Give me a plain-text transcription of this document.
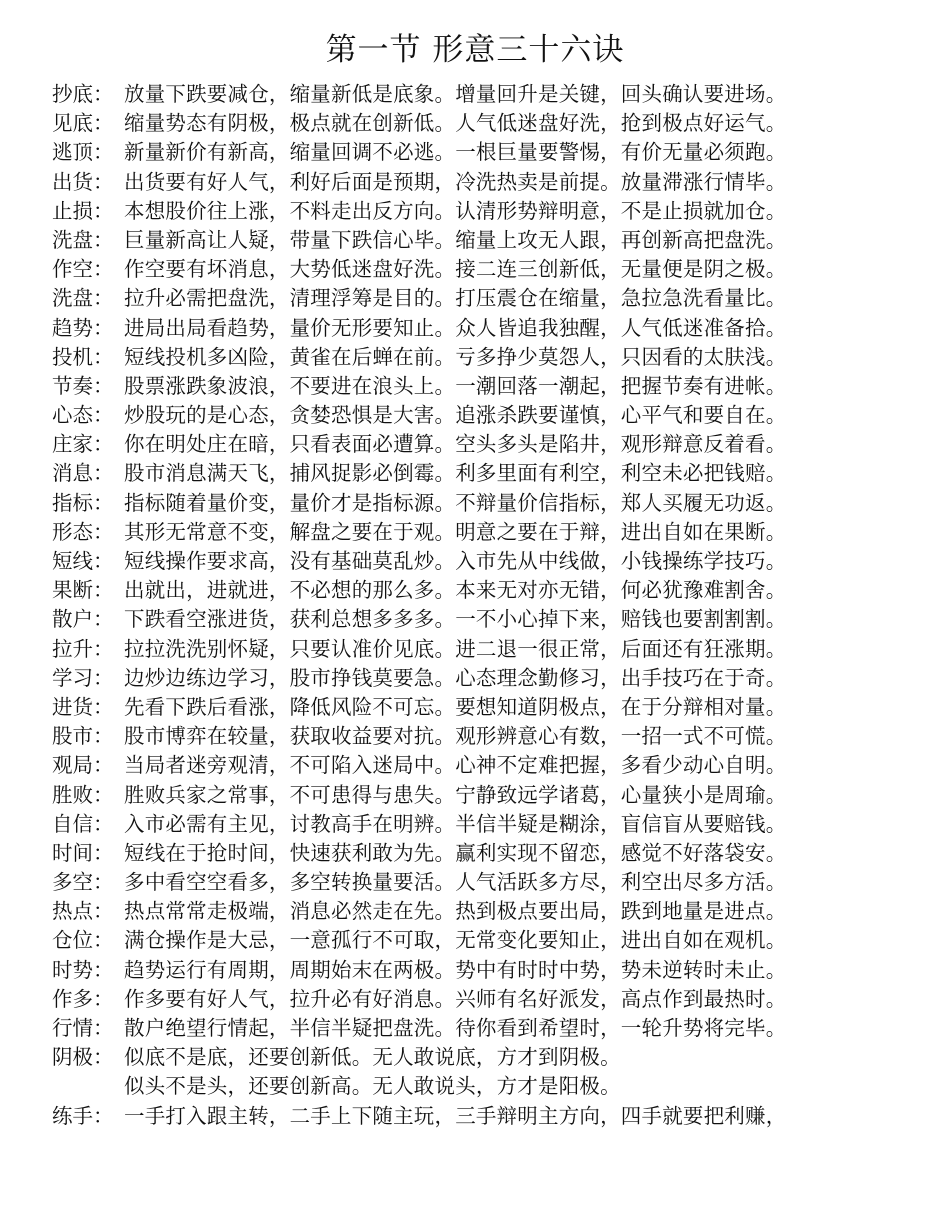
第一节 形意三十六诀
抄底： 放量下跌要减仓，缩量新低是底象。增量回升是关键，回头确认要进场。
见底： 缩量势态有阴极，极点就在创新低。人气低迷盘好洗，抢到极点好运气。
逃顶： 新量新价有新高，缩量回调不必逃。一根巨量要警惕，有价无量必须跑。
出货： 出货要有好人气，利好后面是预期，冷洗热卖是前提。放量滞涨行情毕。
止损： 本想股价往上涨，不料走出反方向。认清形势辩明意，不是止损就加仓。
洗盘： 巨量新高让人疑，带量下跌信心毕。缩量上攻无人跟，再创新高把盘洗。
作空： 作空要有坏消息，大势低迷盘好洗。接二连三创新低，无量便是阴之极。
洗盘： 拉升必需把盘洗，清理浮筹是目的。打压震仓在缩量，急拉急洗看量比。
趋势： 进局出局看趋势，量价无形要知止。众人皆追我独醒，人气低迷准备拾。
投机： 短线投机多凶险，黄雀在后蝉在前。亏多挣少莫怨人，只因看的太肤浅。
节奏： 股票涨跌象波浪，不要进在浪头上。一潮回落一潮起，把握节奏有进帐。
心态： 炒股玩的是心态，贪婪恐惧是大害。追涨杀跌要谨慎，心平气和要自在。
庄家： 你在明处庄在暗，只看表面必遭算。空头多头是陷井，观形辩意反着看。
消息： 股市消息满天飞，捕风捉影必倒霉。利多里面有利空，利空未必把钱赔。
指标： 指标随着量价变，量价才是指标源。不辩量价信指标，郑人买履无功返。
形态： 其形无常意不变，解盘之要在于观。明意之要在于辩，进出自如在果断。
短线： 短线操作要求高，没有基础莫乱炒。入市先从中线做，小钱操练学技巧。
果断： 出就出，进就进，不必想的那么多。本来无对亦无错，何必犹豫难割舍。
散户： 下跌看空涨进货，获利总想多多多。一不小心掉下来，赔钱也要割割割。
拉升： 拉拉洗洗别怀疑，只要认准价见底。进二退一很正常，后面还有狂涨期。
学习： 边炒边练边学习，股市挣钱莫要急。心态理念勤修习，出手技巧在于奇。
进货： 先看下跌后看涨，降低风险不可忘。要想知道阴极点，在于分辩相对量。
股市： 股市博弈在较量，获取收益要对抗。观形辨意心有数，一招一式不可慌。
观局： 当局者迷旁观清，不可陷入迷局中。心神不定难把握，多看少动心自明。
胜败： 胜败兵家之常事，不可患得与患失。宁静致远学诸葛，心量狭小是周瑜。
自信： 入市必需有主见，讨教高手在明辨。半信半疑是糊涂，盲信盲从要赔钱。
时间： 短线在于抢时间，快速获利敢为先。赢利实现不留恋，感觉不好落袋安。
多空： 多中看空空看多，多空转换量要活。人气活跃多方尽，利空出尽多方活。
热点： 热点常常走极端，消息必然走在先。热到极点要出局，跌到地量是进点。
仓位： 满仓操作是大忌，一意孤行不可取，无常变化要知止，进出自如在观机。
时势： 趋势运行有周期，周期始末在两极。势中有时时中势，势未逆转时未止。
作多： 作多要有好人气，拉升必有好消息。兴师有名好派发，高点作到最热时。
行情： 散户绝望行情起，半信半疑把盘洗。待你看到希望时，一轮升势将完毕。
阴极： 似底不是底，还要创新低。无人敢说底，方才到阴极。
似头不是头，还要创新高。无人敢说头，方才是阳极。
练手： 一手打入跟主转，二手上下随主玩，三手辩明主方向，四手就要把利赚，
